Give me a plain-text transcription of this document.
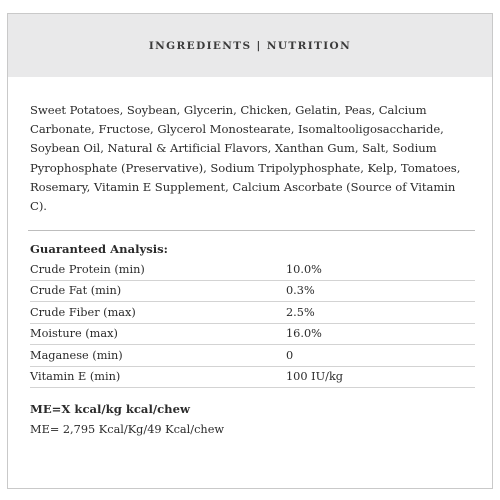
INGREDIENTS | NUTRITION
Sweet Potatoes, Soybean, Glycerin, Chicken, Gelatin, Peas, Calcium Carbonate, Fructose, Glycerol Monostearate, Isomaltooligosaccharide, Soybean Oil, Natural & Artificial Flavors, Xanthan Gum, Salt, Sodium Pyrophosphate (Preservative), Sodium Tripolyphosphate, Kelp, Tomatoes, Rosemary, Vitamin E Supplement, Calcium Ascorbate (Source of Vitamin C).
Guaranteed Analysis:
Crude Protein (min)	10.0%
Crude Fat (min)	0.3%
Crude Fiber (max)	2.5%
Moisture (max)	16.0%
Maganese (min)	0
Vitamin E (min)	100 IU/kg
ME=X kcal/kg kcal/chew
ME= 2,795 Kcal/Kg/49 Kcal/chew
